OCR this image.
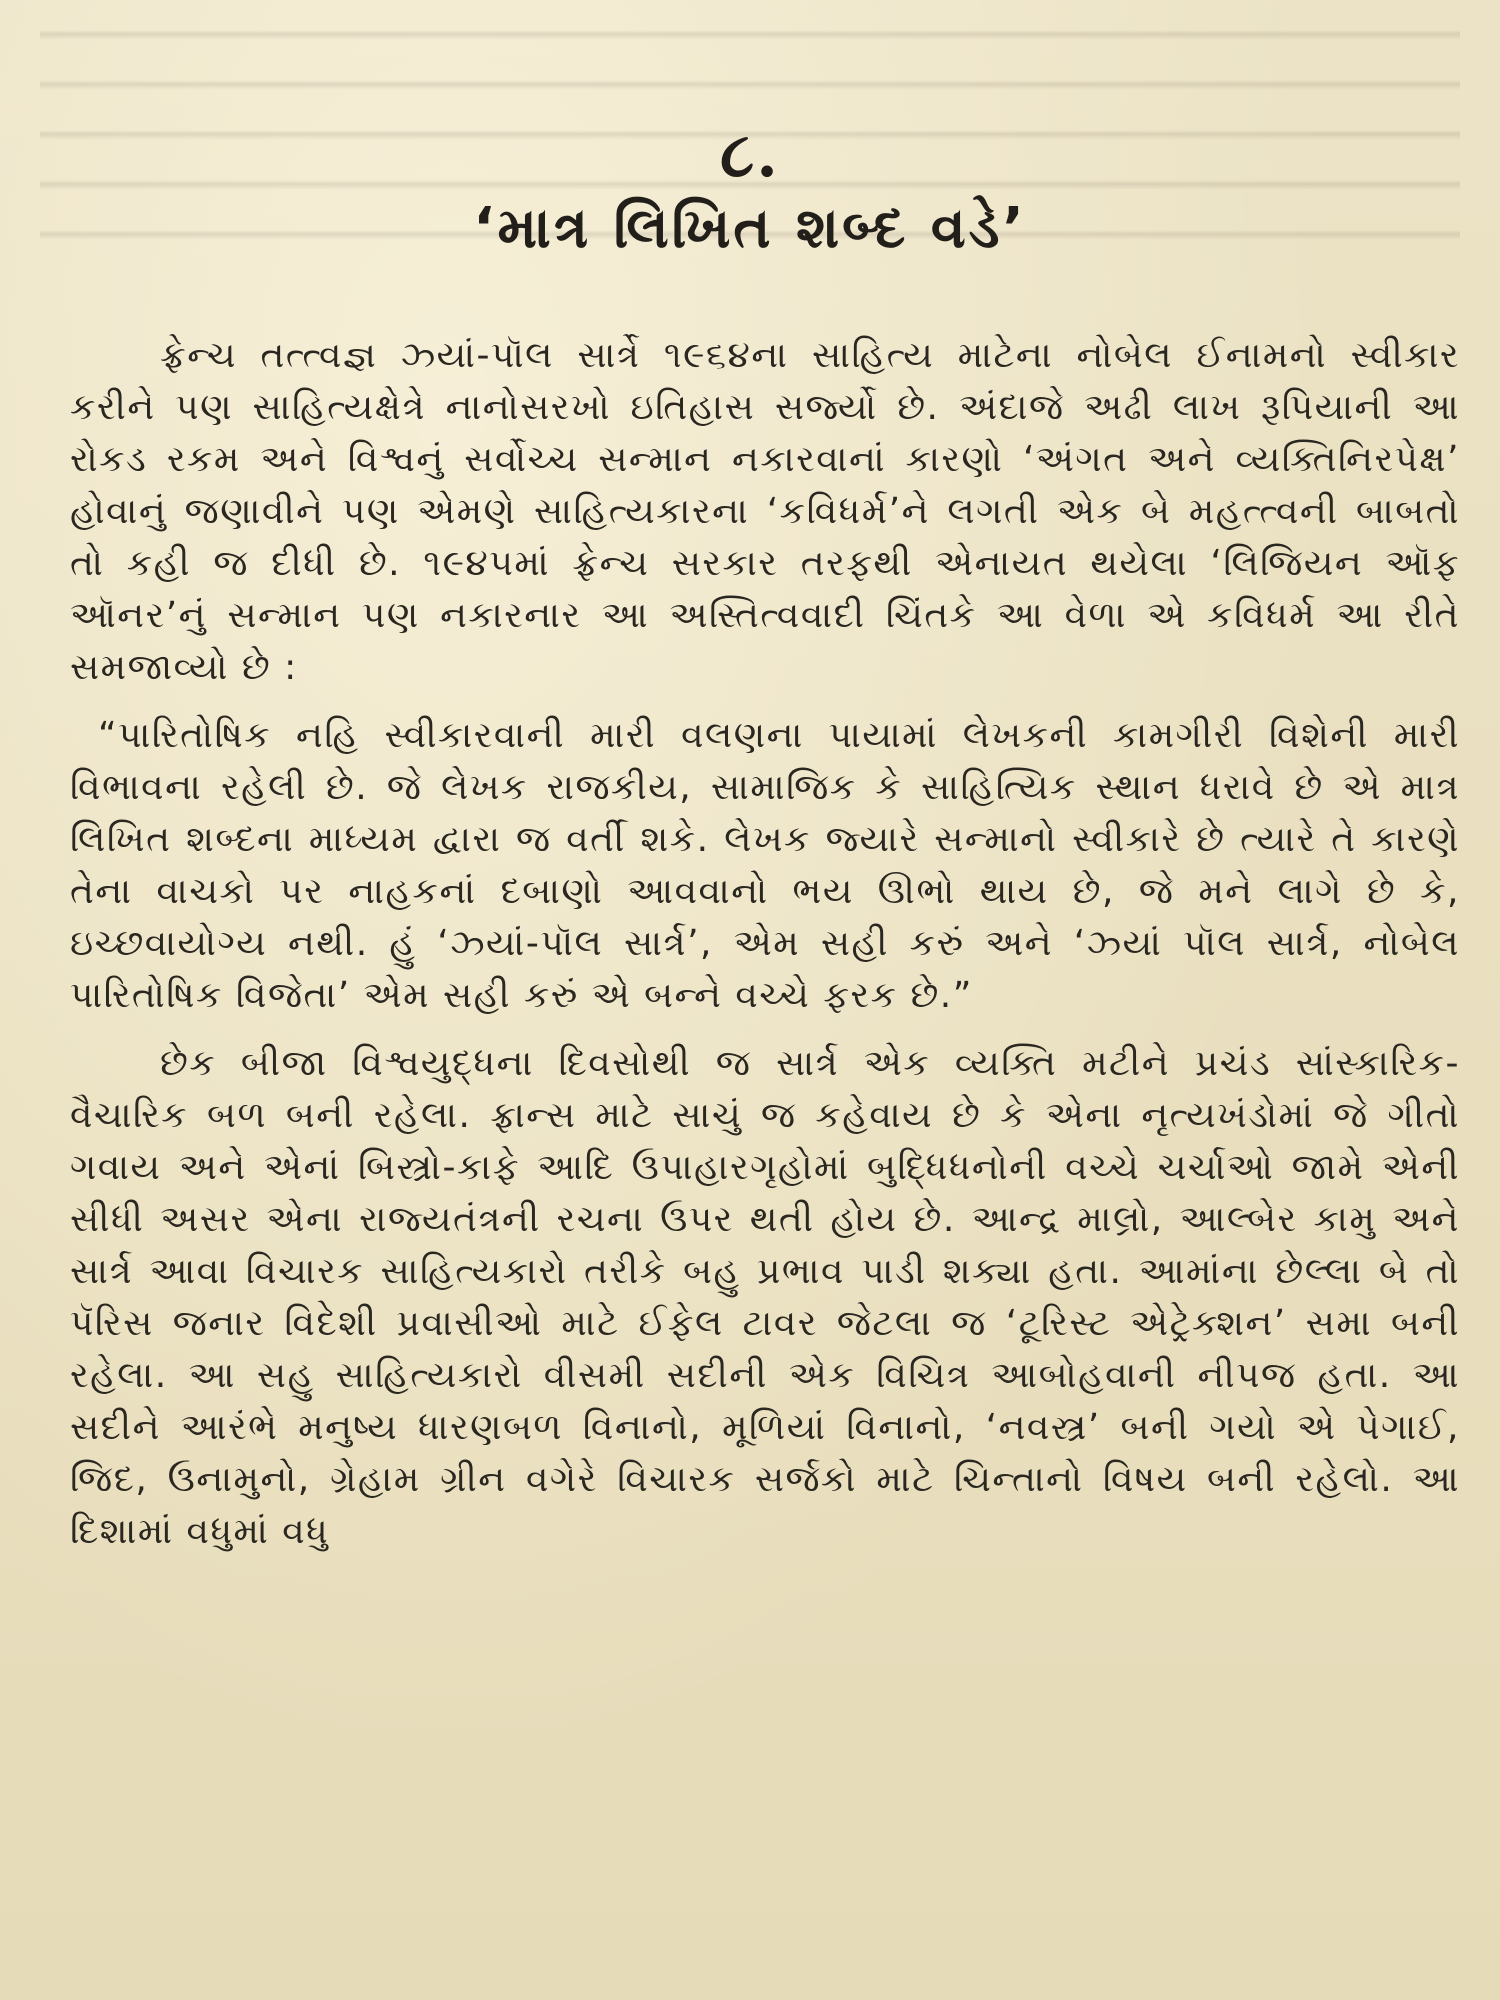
૮.
‘માત્ર લિખિત શબ્દ વડે’

ફ્રેન્ચ તત્ત્વજ્ઞ ઝ્યાં-પૉલ સાર્ત્રે ૧૯૬૪ના સાહિત્ય માટેના નોબેલ ઈનામનો સ્વીકાર કરીને પણ સાહિત્યક્ષેત્રે નાનોસરખો ઇતિહાસ સર્જ્યો છે. અંદાજે અઢી લાખ રૂપિયાની આ રોકડ રકમ અને વિશ્વનું સર્વોચ્ચ સન્માન નકારવાનાં કારણો ‘અંગત અને વ્યક્તિનિરપેક્ષ’ હોવાનું જણાવીને પણ એમણે સાહિત્યકારના ‘કવિધર્મ’ને લગતી એક બે મહત્ત્વની બાબતો તો કહી જ દીધી છે. ૧૯૪૫માં ફ્રેન્ચ સરકાર તરફથી એનાયત થયેલા ‘લિજિયન ઑફ ઑનર’નું સન્માન પણ નકારનાર આ અસ્તિત્વવાદી ચિંતકે આ વેળા એ કવિધર્મ આ રીતે સમજાવ્યો છે :

“પારિતોષિક નહિ સ્વીકારવાની મારી વલણના પાયામાં લેખકની કામગીરી વિશેની મારી વિભાવના રહેલી છે. જે લેખક રાજકીય, સામાજિક કે સાહિત્યિક સ્થાન ધરાવે છે એ માત્ર લિખિત શબ્દના માધ્યમ દ્વારા જ વર્તી શકે. લેખક જ્યારે સન્માનો સ્વીકારે છે ત્યારે તે કારણે તેના વાચકો પર નાહકનાં દબાણો આવવાનો ભય ઊભો થાય છે, જે મને લાગે છે કે, ઇચ્છવાયોગ્ય નથી. હું ‘ઝ્યાં-પૉલ સાર્ત્ર’, એમ સહી કરું અને ‘ઝ્યાં પૉલ સાર્ત્ર, નોબેલ પારિતોષિક વિજેતા’ એમ સહી કરું એ બન્ને વચ્ચે ફરક છે.”

છેક બીજા વિશ્વયુદ્ધના દિવસોથી જ સાર્ત્ર એક વ્યક્તિ મટીને પ્રચંડ સાંસ્કારિક-વૈચારિક બળ બની રહેલા. ફ્રાન્સ માટે સાચું જ કહેવાય છે કે એના નૃત્યખંડોમાં જે ગીતો ગવાય અને એનાં બિસ્ત્રો-કાફે આદિ ઉપાહારગૃહોમાં બુદ્ધિધનોની વચ્ચે ચર્ચાઓ જામે એની સીધી અસર એના રાજ્યતંત્રની રચના ઉપર થતી હોય છે. આન્દ્ર માલ્રો, આલ્બેર કામુ અને સાર્ત્ર આવા વિચારક સાહિત્યકારો તરીકે બહુ પ્રભાવ પાડી શક્યા હતા. આમાંના છેલ્લા બે તો પૅરિસ જનાર વિદેશી પ્રવાસીઓ માટે ઈફેલ ટાવર જેટલા જ ‘ટૂરિસ્ટ એટ્રેક્શન’ સમા બની રહેલા. આ સહુ સાહિત્યકારો વીસમી સદીની એક વિચિત્ર આબોહવાની નીપજ હતા. આ સદીને આરંભે મનુષ્ય ધારણબળ વિનાનો, મૂળિયાં વિનાનો, ‘નવસ્ત્ર’ બની ગયો એ પેગાઈ, જિદ, ઉનામુનો, ગ્રેહામ ગ્રીન વગેરે વિચારક સર્જકો માટે ચિન્તાનો વિષય બની રહેલો. આ દિશામાં વધુમાં વધુ
